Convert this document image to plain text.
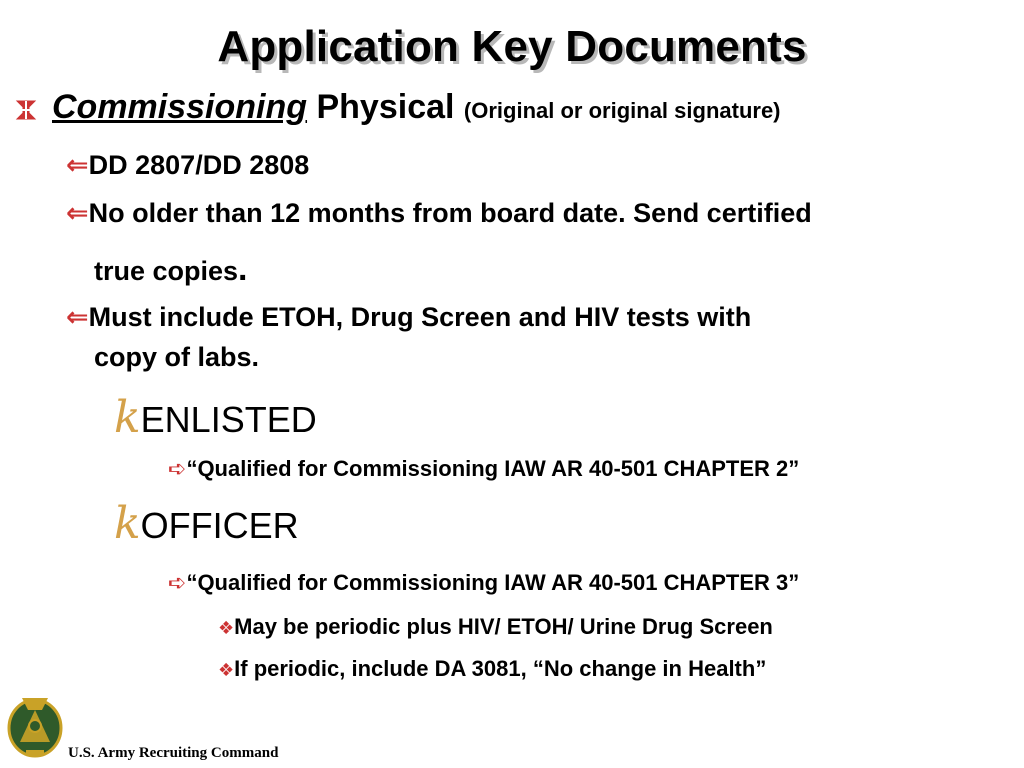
Application Key Documents
Commissioning Physical (Original or original signature)
⇐DD 2807/DD 2808
⇐No older than 12 months from board date. Send certified
true copies.
⇐Must include ETOH, Drug Screen and HIV tests with
copy of labs.
kENLISTED
➪“Qualified for Commissioning IAW AR 40-501 CHAPTER 2”
kOFFICER
➪“Qualified for Commissioning IAW AR 40-501 CHAPTER 3”
❖May be periodic plus HIV/ ETOH/ Urine Drug Screen
❖If periodic, include DA 3081, “No change in Health”
U.S. Army Recruiting Command
